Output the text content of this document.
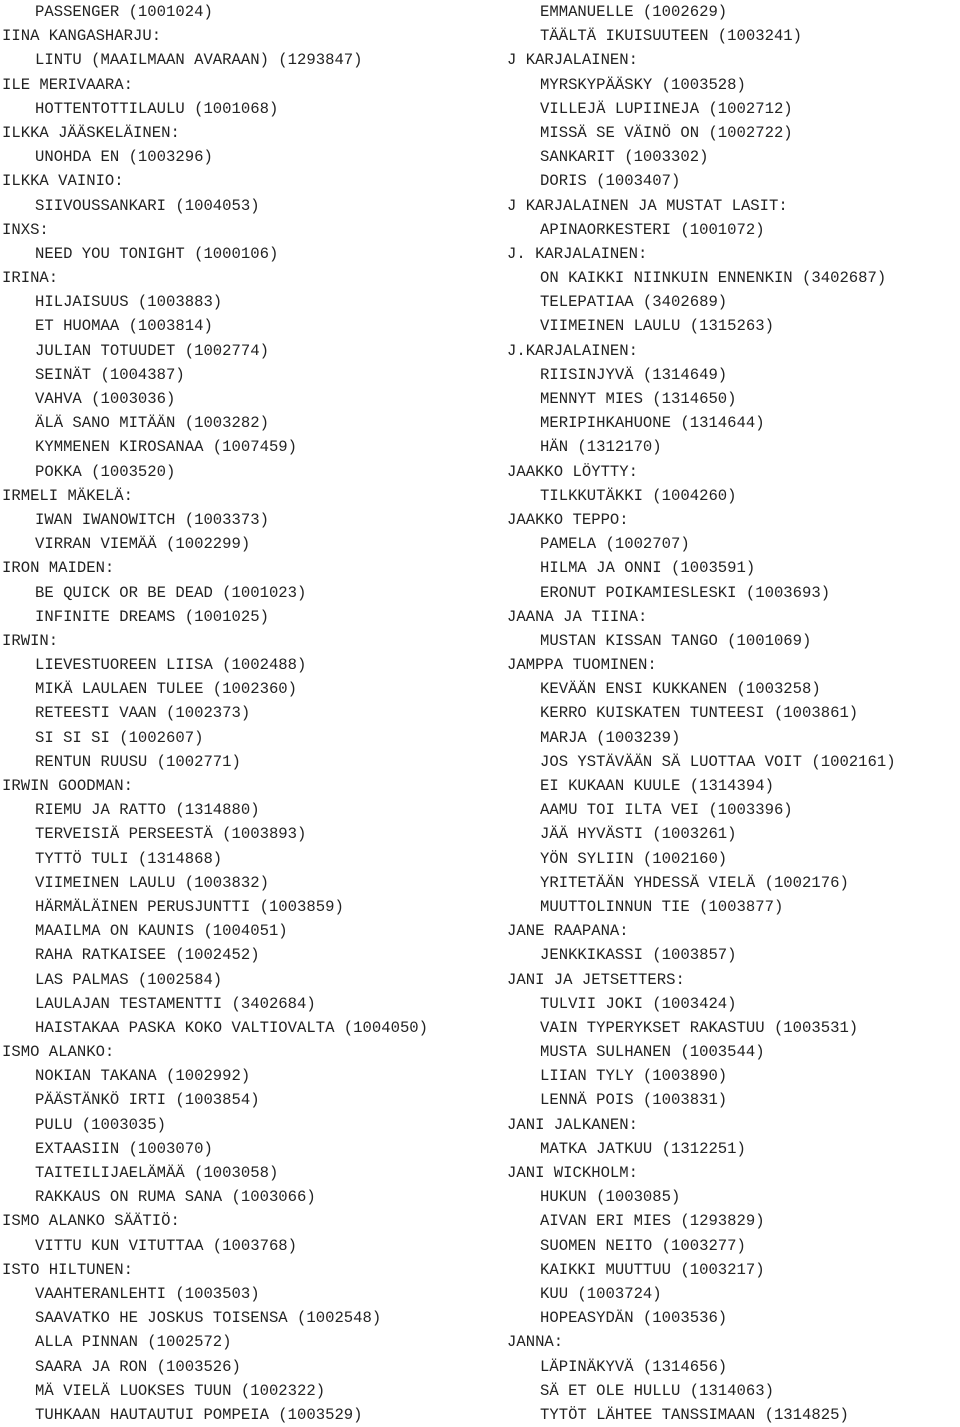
PASSENGER (1001024)
IINA KANGASHARJU:
LINTU (MAAILMAAN AVARAAN) (1293847)
ILE MERIVAARA:
HOTTENTOTTILAULU (1001068)
ILKKA JÄÄSKELÄINEN:
UNOHDA EN (1003296)
ILKKA VAINIO:
SIIVOUSSANKARI (1004053)
INXS:
NEED YOU TONIGHT (1000106)
IRINA:
HILJAISUUS (1003883)
ET HUOMAA (1003814)
JULIAN TOTUUDET (1002774)
SEINÄT (1004387)
VAHVA (1003036)
ÄLÄ SANO MITÄÄN (1003282)
KYMMENEN KIROSANAA (1007459)
POKKA (1003520)
IRMELI MÄKELÄ:
IWAN IWANOWITCH (1003373)
VIRRAN VIEMÄÄ (1002299)
IRON MAIDEN:
BE QUICK OR BE DEAD (1001023)
INFINITE DREAMS (1001025)
IRWIN:
LIEVESTUOREEN LIISA (1002488)
MIKÄ LAULAEN TULEE (1002360)
RETEESTI VAAN (1002373)
SI SI SI (1002607)
RENTUN RUUSU (1002771)
IRWIN GOODMAN:
RIEMU JA RATTO (1314880)
TERVEISIÄ PERSEESTÄ (1003893)
TYTTÖ TULI (1314868)
VIIMEINEN LAULU (1003832)
HÄRMÄLÄINEN PERUSJUNTTI (1003859)
MAAILMA ON KAUNIS (1004051)
RAHA RATKAISEE (1002452)
LAS PALMAS (1002584)
LAULAJAN TESTAMENTTI (3402684)
HAISTAKAA PASKA KOKO VALTIOVALTA (1004050)
ISMO ALANKO:
NOKIAN TAKANA (1002992)
PÄÄSTÄNKÖ IRTI (1003854)
PULU (1003035)
EXTAASIIN (1003070)
TAITEILIJAELÄMÄÄ (1003058)
RAKKAUS ON RUMA SANA (1003066)
ISMO ALANKO SÄÄTIÖ:
VITTU KUN VITUTTAA (1003768)
ISTO HILTUNEN:
VAAHTERANLEHTI (1003503)
SAAVATKO HE JOSKUS TOISENSA (1002548)
ALLA PINNAN (1002572)
SAARA JA RON (1003526)
MÄ VIELÄ LUOKSES TUUN (1002322)
TUHKAAN HAUTAUTUI POMPEIA (1003529)
EMMANUELLE (1002629)
TÄÄLTÄ IKUISUUTEEN (1003241)
J KARJALAINEN:
MYRSKYPÄÄSKY (1003528)
VILLEJÄ LUPIINEJA (1002712)
MISSÄ SE VÄINÖ ON (1002722)
SANKARIT (1003302)
DORIS (1003407)
J KARJALAINEN JA MUSTAT LASIT:
APINAORKESTERI (1001072)
J. KARJALAINEN:
ON KAIKKI NIINKUIN ENNENKIN (3402687)
TELEPATIAA (3402689)
VIIMEINEN LAULU (1315263)
J.KARJALAINEN:
RIISINJYVÄ (1314649)
MENNYT MIES (1314650)
MERIPIHKAHUONE (1314644)
HÄN (1312170)
JAAKKO LÖYTTY:
TILKKUTÄKKI (1004260)
JAAKKO TEPPO:
PAMELA (1002707)
HILMA JA ONNI (1003591)
ERONUT POIKAMIESLESKI (1003693)
JAANA JA TIINA:
MUSTAN KISSAN TANGO (1001069)
JAMPPA TUOMINEN:
KEVÄÄN ENSI KUKKANEN (1003258)
KERRO KUISKATEN TUNTEESI (1003861)
MARJA (1003239)
JOS YSTÄVÄÄN SÄ LUOTTAA VOIT (1002161)
EI KUKAAN KUULE (1314394)
AAMU TOI ILTA VEI (1003396)
JÄÄ HYVÄSTI (1003261)
YÖN SYLIIN (1002160)
YRITETÄÄN YHDESSÄ VIELÄ (1002176)
MUUTTOLINNUN TIE (1003877)
JANE RAAPANA:
JENKKIKASSI (1003857)
JANI JA JETSETTERS:
TULVII JOKI (1003424)
VAIN TYPERYKSET RAKASTUU (1003531)
MUSTA SULHANEN (1003544)
LIIAN TYLY (1003890)
LENNÄ POIS (1003831)
JANI JALKANEN:
MATKA JATKUU (1312251)
JANI WICKHOLM:
HUKUN (1003085)
AIVAN ERI MIES (1293829)
SUOMEN NEITO (1003277)
KAIKKI MUUTTUU (1003217)
KUU (1003724)
HOPEASYDÄN (1003536)
JANNA:
LÄPINÄKYVÄ (1314656)
SÄ ET OLE HULLU (1314063)
TYTÖT LÄHTEE TANSSIMAAN (1314825)
